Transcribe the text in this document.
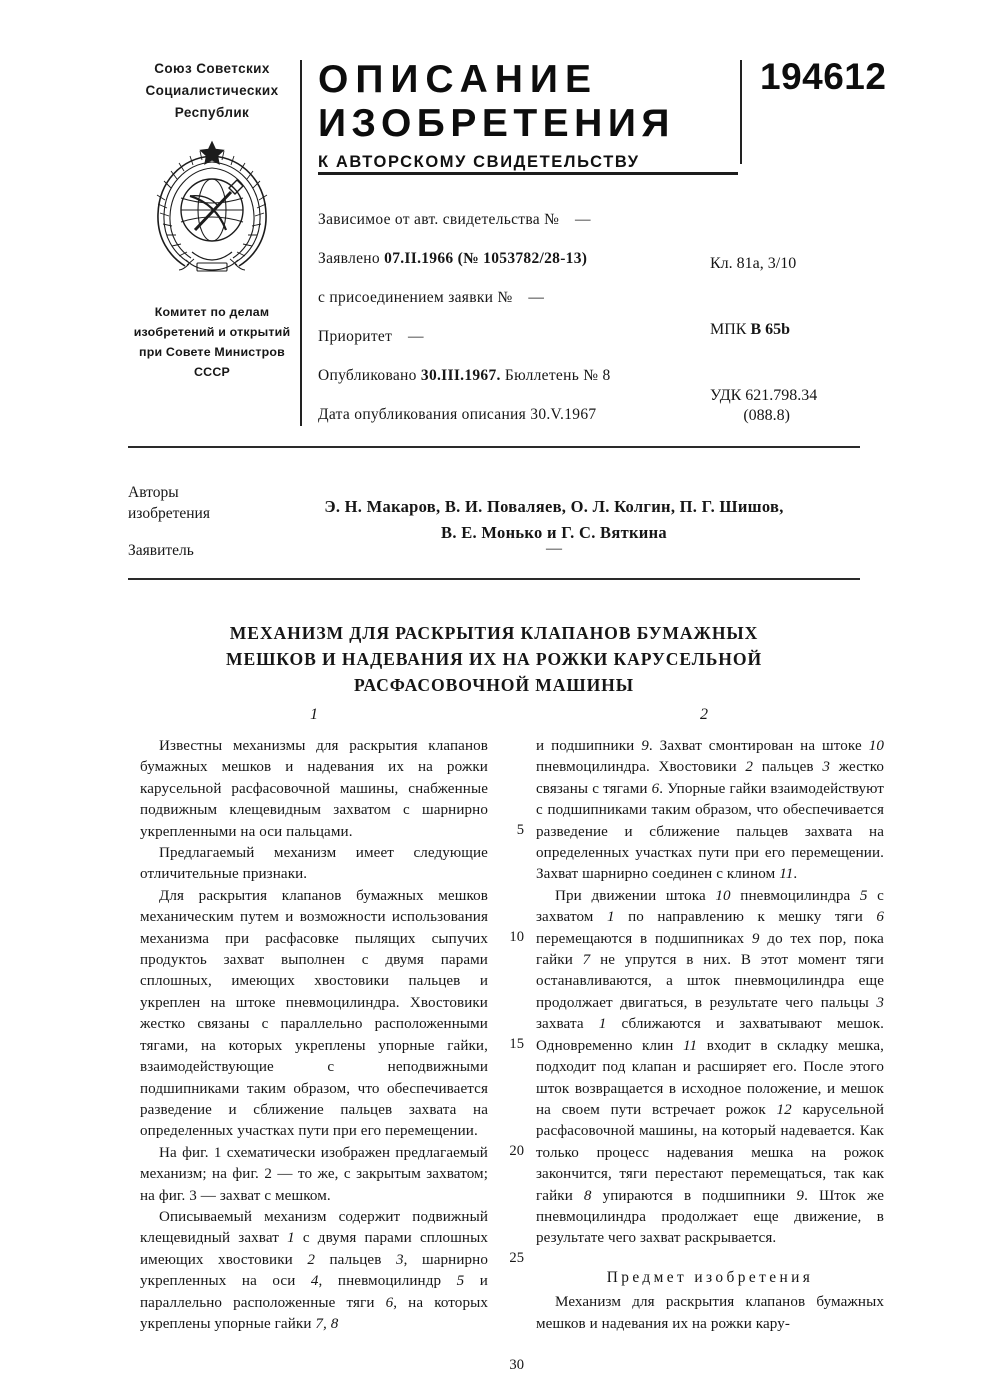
Союз Советских
Социалистических
Республик
Комитет по делам
изобретений и открытий
при Совете Министров
СССР
ОПИСАНИЕ
ИЗОБРЕТЕНИЯ
К АВТОРСКОМУ СВИДЕТЕЛЬСТВУ
194612
Зависимое от авт. свидетельства № —
Заявлено 07.II.1966 (№ 1053782/28-13)
с присоединением заявки № —
Приоритет —
Опубликовано 30.III.1967. Бюллетень № 8
Дата опубликования описания 30.V.1967
Кл. 81а, 3/10
МПК B 65b
УДК 621.798.34
(088.8)
Авторы
изобретения	Э. Н. Макаров, В. И. Поваляев, О. Л. Колгин, П. Г. Шишов,
В. Е. Монько и Г. С. Вяткина
Заявитель	—
МЕХАНИЗМ ДЛЯ РАСКРЫТИЯ КЛАПАНОВ БУМАЖНЫХ
МЕШКОВ И НАДЕВАНИЯ ИХ НА РОЖКИ КАРУСЕЛЬНОЙ
РАСФАСОВОЧНОЙ МАШИНЫ
1	2

Известны механизмы для раскрытия клапанов бумажных мешков и надевания их на рожки карусельной расфасовочной машины, снабженные подвижным клещевидным захватом с шарнирно укрепленными на оси пальцами.

Предлагаемый механизм имеет следующие отличительные признаки.

Для раскрытия клапанов бумажных мешков механическим путем и возможности использования механизма при расфасовке пылящих сыпучих продуктоь захват выполнен с двумя парами сплошных, имеющих хвостовики пальцев и укреплен на штоке пневмоцилиндра. Хвостовики жестко связаны с параллельно расположенными тягами, на которых укреплены упорные гайки, взаимодействующие с неподвижными подшипниками таким образом, что обеспечивается разведение и сближение пальцев захвата на определенных участках пути при его перемещении.

На фиг. 1 схематически изображен предлагаемый механизм; на фиг. 2 — то же, с закрытым захватом; на фиг. 3 — захват с мешком.

Описываемый механизм содержит подвижный клещевидный захват 1 с двумя парами сплошных имеющих хвостовики 2 пальцев 3, шарнирно укрепленных на оси 4, пневмоцилиндр 5 и параллельно расположенные тяги 6, на которых укреплены упорные гайки 7, 8

5
10
15
20
25
30

и подшипники 9. Захват смонтирован на штоке 10 пневмоцилиндра. Хвостовики 2 пальцев 3 жестко связаны с тягами 6. Упорные гайки взаимодействуют с подшипниками таким образом, что обеспечивается разведение и сближение пальцев захвата на определенных участках пути при его перемещении. Захват шарнирно соединен с клином 11.

При движении штока 10 пневмоцилиндра 5 с захватом 1 по направлению к мешку тяги 6 перемещаются в подшипниках 9 до тех пор, пока гайки 7 не упрутся в них. В этот момент тяги останавливаются, а шток пневмоцилиндра еще продолжает двигаться, в результате чего пальцы 3 захвата 1 сближаются и захватывают мешок. Одновременно клин 11 входит в складку мешка, подходит под клапан и расширяет его. После этого шток возвращается в исходное положение, и мешок на своем пути встречает рожок 12 карусельной расфасовочной машины, на который надевается. Как только процесс надевания мешка на рожок закончится, тяги перестают перемещаться, так как гайки 8 упираются в подшипники 9. Шток же пневмоцилиндра продолжает еще движение, в результате чего захват раскрывается.

Предмет изобретения

Механизм для раскрытия клапанов бумажных мешков и надевания их на рожки кару-
